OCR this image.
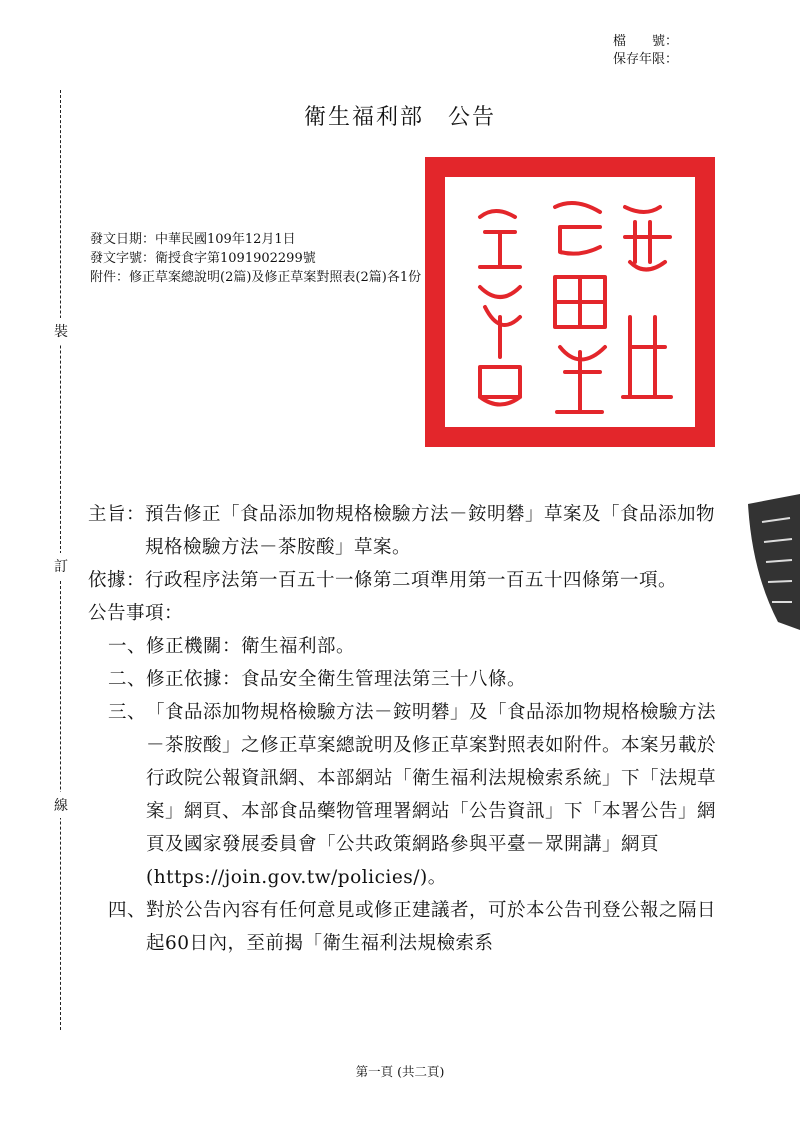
檔　　號：
保存年限：
裝
訂
線
衛生福利部 公告
發文日期：中華民國109年12月1日
發文字號：衛授食字第1091902299號
附件：修正草案總說明(2篇)及修正草案對照表(2篇)各1份
主旨： 預告修正「食品添加物規格檢驗方法－銨明礬」草案及「食品添加物規格檢驗方法－茶胺酸」草案。
依據： 行政程序法第一百五十一條第二項準用第一百五十四條第一項。
公告事項：
一、 修正機關：衛生福利部。
二、 修正依據：食品安全衛生管理法第三十八條。
三、 「食品添加物規格檢驗方法－銨明礬」及「食品添加物規格檢驗方法－茶胺酸」之修正草案總說明及修正草案對照表如附件。本案另載於行政院公報資訊網、本部網站「衛生福利法規檢索系統」下「法規草案」網頁、本部食品藥物管理署網站「公告資訊」下「本署公告」網頁及國家發展委員會「公共政策網路參與平臺－眾開講」網頁 (https://join.gov.tw/policies/)。
四、 對於公告內容有任何意見或修正建議者，可於本公告刊登公報之隔日起60日內，至前揭「衛生福利法規檢索系
第一頁 (共二頁)
